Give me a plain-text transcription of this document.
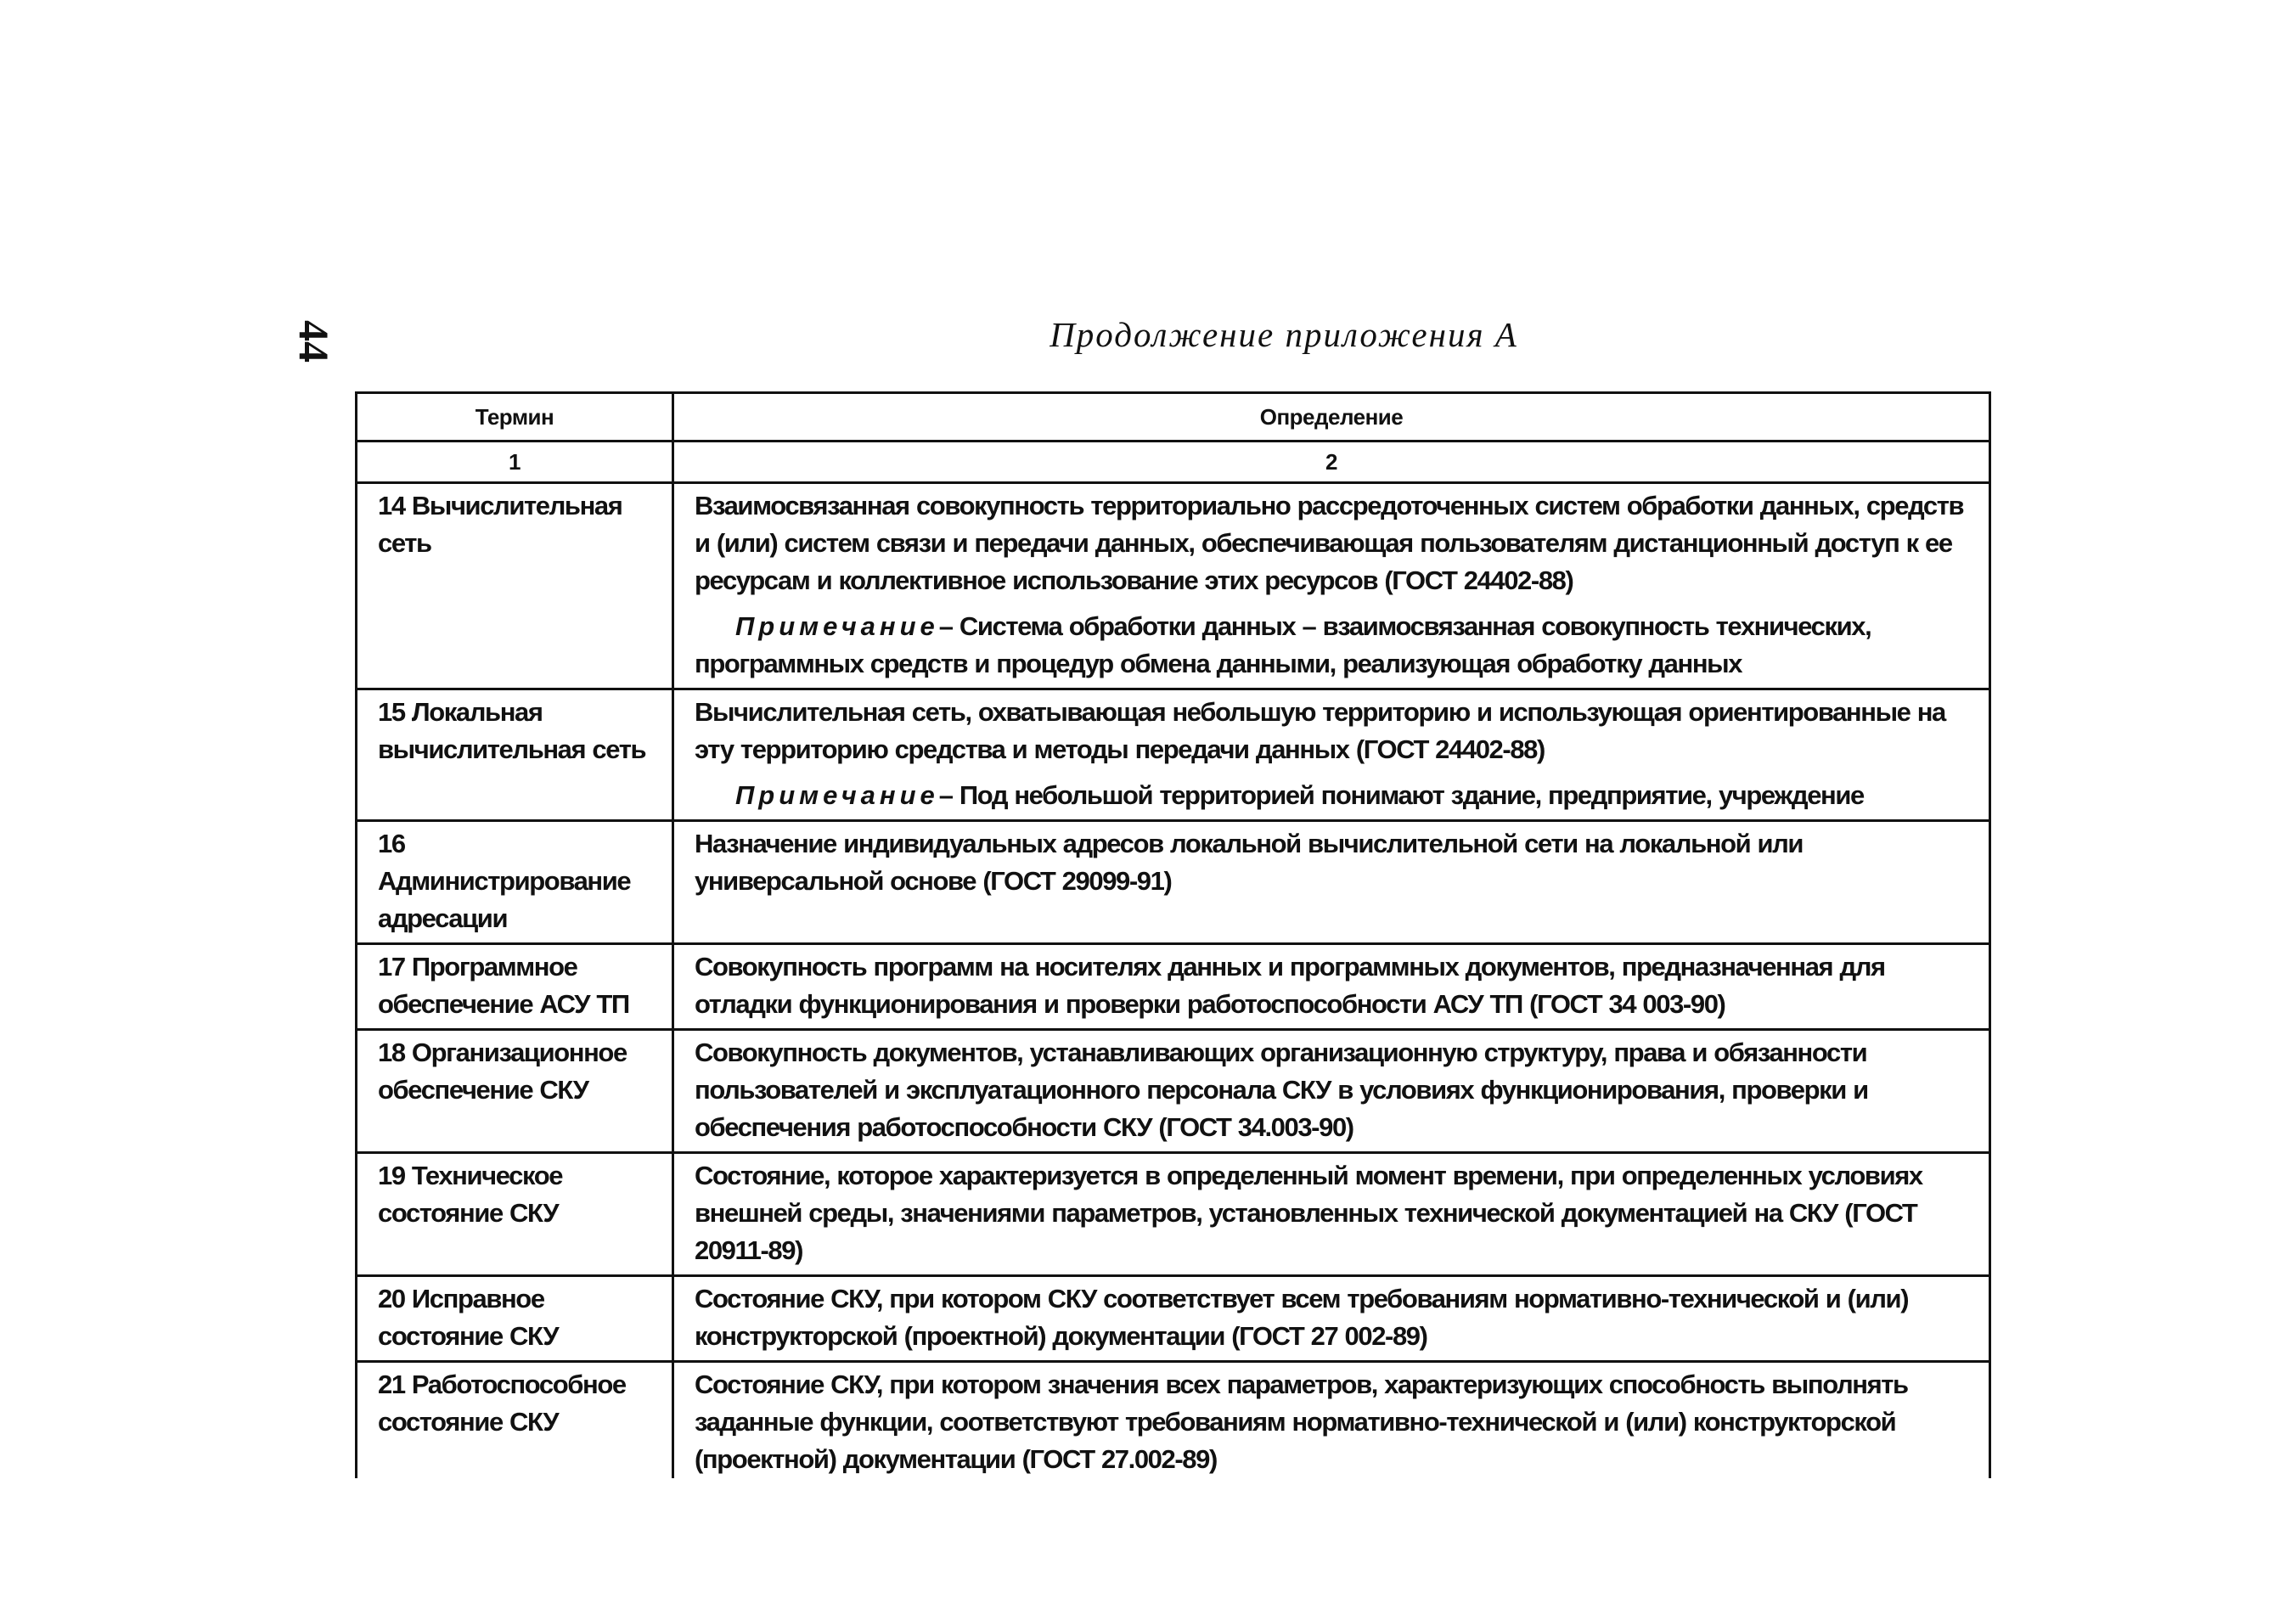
44	Продолжение приложения А
Термин	Определение
1	2
14 Вычислительная сеть	Взаимосвязанная совокупность территориально рассредоточенных систем обработки данных, средств и (или) систем связи и передачи данных, обеспечивающая пользователям дистанционный доступ к ее ресурсам и коллективное использование этих ресурсов (ГОСТ 24402-88)

Примечание– Система обработки данных – взаимосвязанная совокупность технических, программных средств и процедур обмена данными, реализующая обработку данных

15 Локальная вычислительная сеть	Вычислительная сеть, охватывающая небольшую территорию и использующая ориентированные на эту территорию средства и методы передачи данных (ГОСТ 24402-88)

Примечание– Под небольшой территорией понимают здание, предприятие, учреждение

16 Администрирование адресации	Назначение индивидуальных адресов локальной вычислительной сети на локальной или универсальной основе (ГОСТ 29099-91)

17 Программное обеспечение АСУ ТП	Совокупность программ на носителях данных и программных документов, предназначенная для отладки функционирования и проверки работоспособности АСУ ТП (ГОСТ 34 003-90)

18 Организационное обеспечение СКУ	Совокупность документов, устанавливающих организационную структуру, права и обязанности пользователей и эксплуатационного персонала СКУ в условиях функционирования, проверки и обеспечения работоспособности СКУ (ГОСТ 34.003-90)

19 Техническое состояние СКУ	Состояние, которое характеризуется в определенный момент времени, при определенных условиях внешней среды, значениями параметров, установленных технической документацией на СКУ (ГОСТ 20911-89)

20 Исправное состояние СКУ	Состояние СКУ, при котором СКУ соответствует всем требованиям нормативно-технической и (или) конструкторской (проектной) документации (ГОСТ 27 002-89)

21 Работоспособное состояние СКУ	Состояние СКУ, при котором значения всех параметров, характеризующих способность выполнять заданные функции, соответствуют требованиям нормативно-технической и (или) конструкторской (проектной) документации (ГОСТ 27.002-89)
